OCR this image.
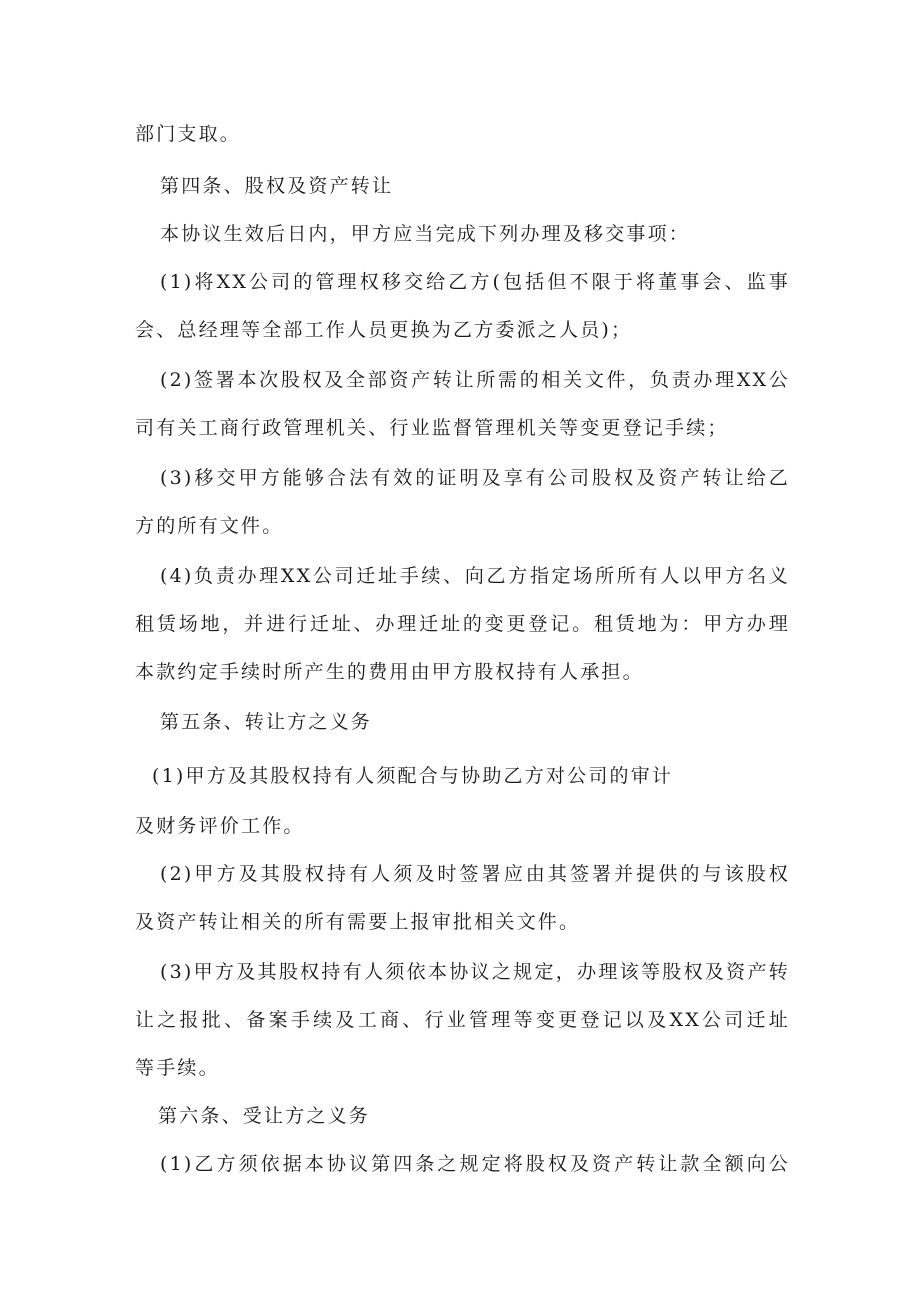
部门支取。
第四条、股权及资产转让
本协议生效后日内，甲方应当完成下列办理及移交事项：
(1)将XX公司的管理权移交给乙方(包括但不限于将董事会、监事
会、总经理等全部工作人员更换为乙方委派之人员)；
(2)签署本次股权及全部资产转让所需的相关文件，负责办理XX公
司有关工商行政管理机关、行业监督管理机关等变更登记手续；
(3)移交甲方能够合法有效的证明及享有公司股权及资产转让给乙
方的所有文件。
(4)负责办理XX公司迁址手续、向乙方指定场所所有人以甲方名义
租赁场地，并进行迁址、办理迁址的变更登记。租赁地为：甲方办理
本款约定手续时所产生的费用由甲方股权持有人承担。
第五条、转让方之义务
(1)甲方及其股权持有人须配合与协助乙方对公司的审计
及财务评价工作。
(2)甲方及其股权持有人须及时签署应由其签署并提供的与该股权
及资产转让相关的所有需要上报审批相关文件。
(3)甲方及其股权持有人须依本协议之规定，办理该等股权及资产转
让之报批、备案手续及工商、行业管理等变更登记以及XX公司迁址
等手续。
第六条、受让方之义务
(1)乙方须依据本协议第四条之规定将股权及资产转让款全额向公
